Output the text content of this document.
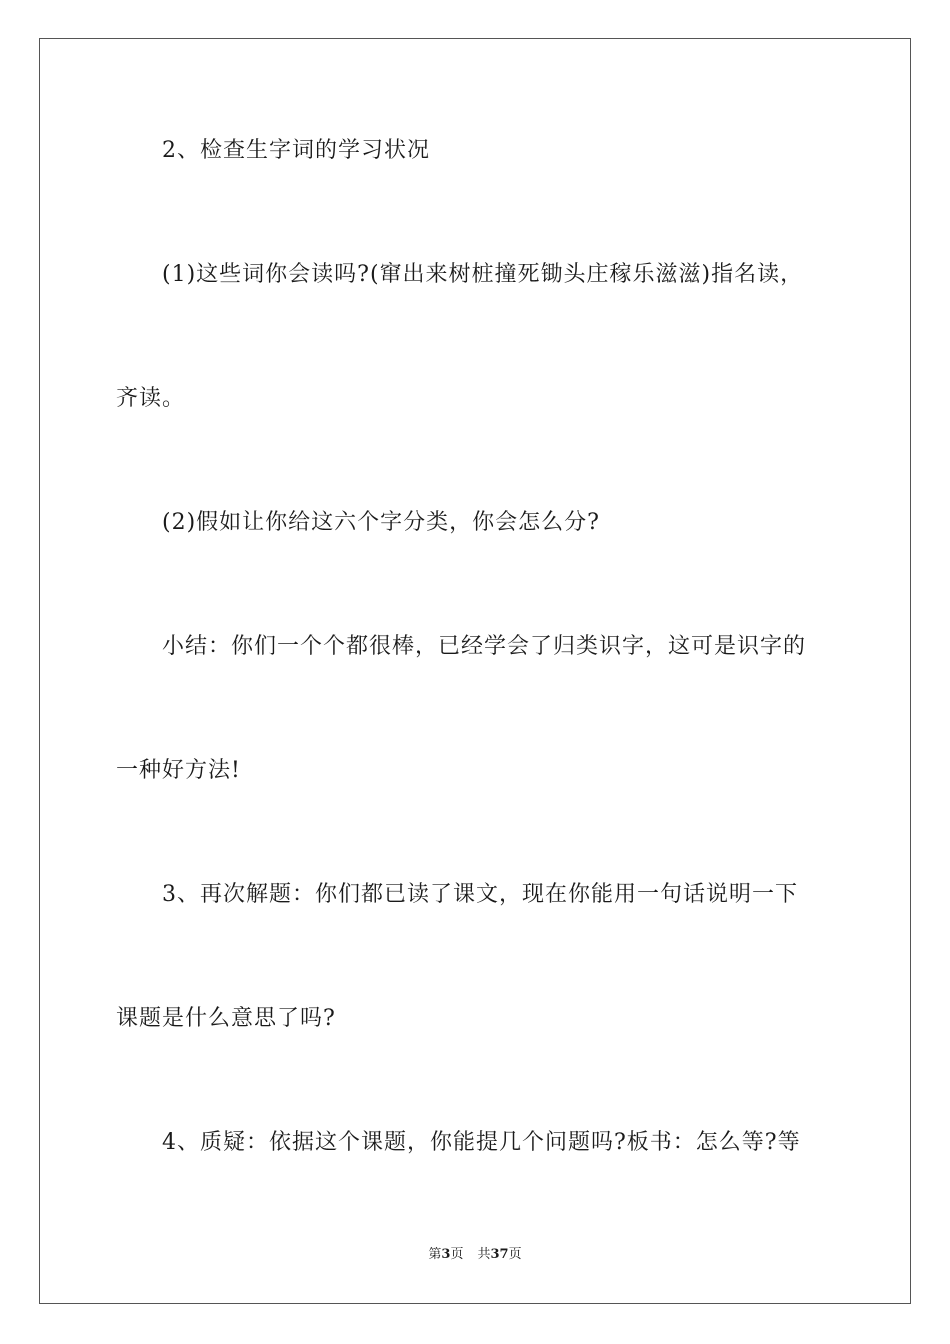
2、检查生字词的学习状况
(1)这些词你会读吗?(窜出来树桩撞死锄头庄稼乐滋滋)指名读，
齐读。
(2)假如让你给这六个字分类，你会怎么分?
小结：你们一个个都很棒，已经学会了归类识字，这可是识字的
一种好方法!
3、再次解题：你们都已读了课文，现在你能用一句话说明一下
课题是什么意思了吗?
4、质疑：依据这个课题，你能提几个问题吗?板书：怎么等?等
第3页 共37页
